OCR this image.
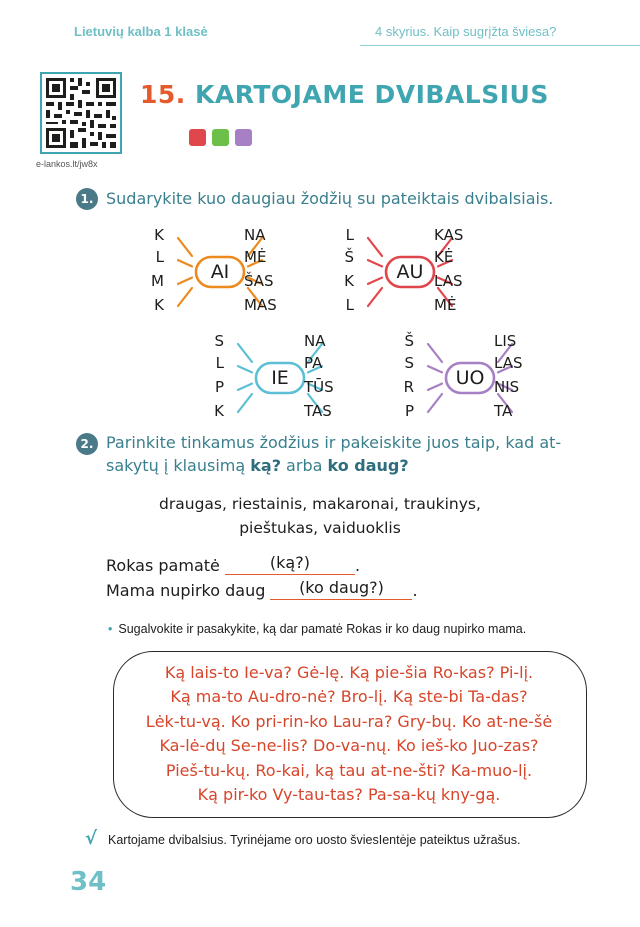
Lietuvių kalba 1 klasė	4 skyrius. Kaip sugrįžta šviesa?
e-lankos.lt/jw8x
15. KARTOJAME DVIBALSIUS
1. Sudarykite kuo daugiau žodžių su pateiktais dvibalsiais.
AI
K
L
M
K
NA
MĖ
ŠAS
MAS
AU
L
Š
K
L
KAS
KĖ
LAS
MĖ
IE
S
L
P
K
NA
PA
TŪS
TAS
UO
Š
S
R
P
LIS
LAS
NIS
TA
2. Parinkite tinkamus žodžius ir pakeiskite juos taip, kad at-
sakytų į klausimą ką? arba ko daug?
draugas, riestainis, makaronai, traukinys,
pieštukas, vaiduoklis
Rokas pamatė	(ką?)	.
Mama nupirko daug	(ko daug?)	.
• Sugalvokite ir pasakykite, ką dar pamatė Rokas ir ko daug nupirko mama.
Ką lais-to Ie-va? Gė-lę. Ką pie-šia Ro-kas? Pi-lį.
Ką ma-to Au-dro-nė? Bro-lį. Ką ste-bi Ta-das?
Lėk-tu-vą. Ko pri-rin-ko Lau-ra? Gry-bų. Ko at-ne-šė
Ka-lė-dų Se-ne-lis? Do-va-nų. Ko ieš-ko Juo-zas?
Pieš-tu-kų. Ro-kai, ką tau at-ne-šti? Ka-muo-lį.
Ką pir-ko Vy-tau-tas? Pa-sa-kų kny-gą.
√ Kartojame dvibalsius. Tyrinėjame oro uosto šviesIentėje pateiktus užrašus.
34
